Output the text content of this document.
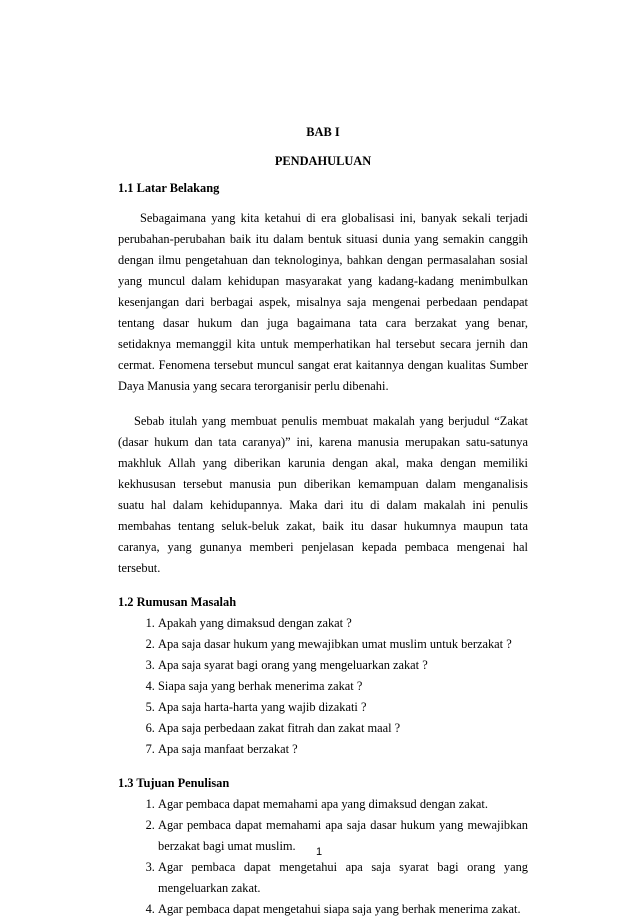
BAB I

PENDAHULUAN

1.1 Latar Belakang

Sebagaimana yang kita ketahui di era globalisasi ini, banyak sekali terjadi perubahan-perubahan baik itu dalam bentuk situasi dunia yang semakin canggih dengan ilmu pengetahuan dan teknologinya, bahkan dengan permasalahan sosial yang muncul dalam kehidupan masyarakat yang kadang-kadang menimbulkan kesenjangan dari berbagai aspek, misalnya saja mengenai perbedaan pendapat tentang dasar hukum dan juga bagaimana tata cara berzakat yang benar, setidaknya memanggil kita untuk memperhatikan hal tersebut secara jernih dan cermat. Fenomena tersebut muncul sangat erat kaitannya dengan kualitas Sumber Daya Manusia yang secara terorganisir perlu dibenahi.

Sebab itulah yang membuat penulis membuat makalah yang berjudul “Zakat (dasar hukum dan tata caranya)” ini, karena manusia merupakan satu-satunya makhluk Allah yang diberikan karunia dengan akal, maka dengan memiliki kekhususan tersebut manusia pun diberikan kemampuan dalam menganalisis suatu hal dalam kehidupannya. Maka dari itu di dalam makalah ini penulis membahas tentang seluk-beluk zakat, baik itu dasar hukumnya maupun tata caranya, yang gunanya memberi penjelasan kepada pembaca mengenai hal tersebut.

1.2 Rumusan Masalah

1. Apakah yang dimaksud dengan zakat ?
2. Apa saja dasar hukum yang mewajibkan umat muslim untuk berzakat ?
3. Apa saja syarat bagi orang yang mengeluarkan zakat ?
4. Siapa saja yang berhak menerima zakat ?
5. Apa saja harta-harta yang wajib dizakati ?
6. Apa saja perbedaan zakat fitrah dan zakat maal ?
7. Apa saja manfaat berzakat ?

1.3 Tujuan Penulisan

1. Agar pembaca dapat memahami apa yang dimaksud dengan zakat.
2. Agar pembaca dapat memahami apa saja dasar hukum yang mewajibkan berzakat bagi umat muslim.
3. Agar pembaca dapat mengetahui apa saja syarat bagi orang yang mengeluarkan zakat.
4. Agar pembaca dapat mengetahui siapa saja yang berhak menerima zakat.
1
